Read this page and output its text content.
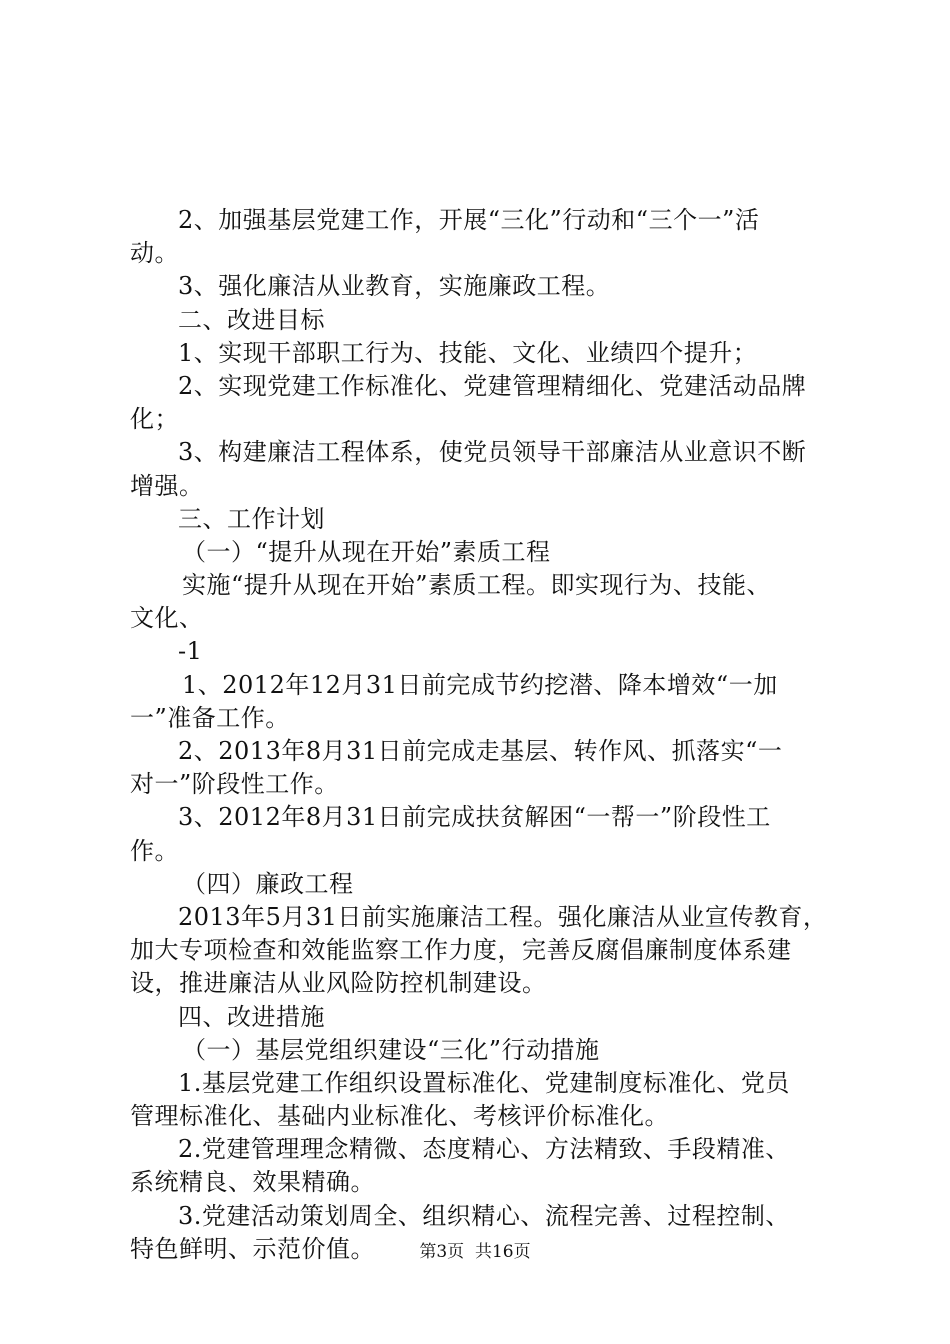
2、加强基层党建工作，开展“三化”行动和“三个一”活
动。
3、强化廉洁从业教育，实施廉政工程。
二、改进目标
1、实现干部职工行为、技能、文化、业绩四个提升；
2、实现党建工作标准化、党建管理精细化、党建活动品牌
化；
3、构建廉洁工程体系，使党员领导干部廉洁从业意识不断
增强。
三、工作计划
（一）“提升从现在开始”素质工程
实施“提升从现在开始”素质工程。即实现行为、技能、
文化、
-1
1、2012年12月31日前完成节约挖潜、降本增效“一加
一”准备工作。
2、2013年8月31日前完成走基层、转作风、抓落实“一
对一”阶段性工作。
3、2012年8月31日前完成扶贫解困“一帮一”阶段性工
作。
（四）廉政工程
2013年5月31日前实施廉洁工程。强化廉洁从业宣传教育，
加大专项检查和效能监察工作力度，完善反腐倡廉制度体系建
设，推进廉洁从业风险防控机制建设。
四、改进措施
（一）基层党组织建设“三化”行动措施
1.基层党建工作组织设置标准化、党建制度标准化、党员
管理标准化、基础内业标准化、考核评价标准化。
2.党建管理理念精微、态度精心、方法精致、手段精准、
系统精良、效果精确。
3.党建活动策划周全、组织精心、流程完善、过程控制、
特色鲜明、示范价值。	第3页  共16页
